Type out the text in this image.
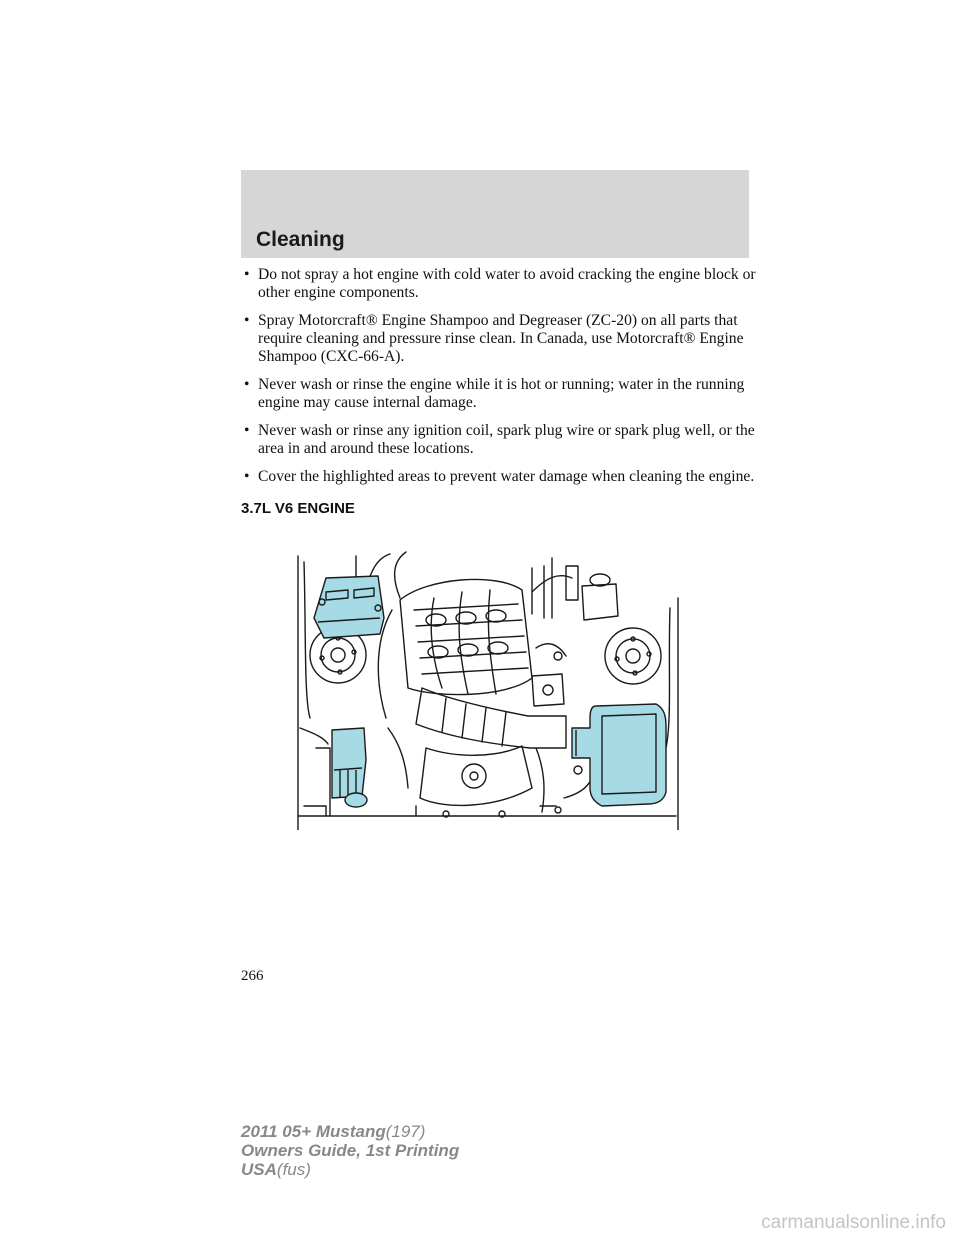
Cleaning
• Do not spray a hot engine with cold water to avoid cracking the engine block or other engine components.
• Spray Motorcraft® Engine Shampoo and Degreaser (ZC-20) on all parts that require cleaning and pressure rinse clean. In Canada, use Motorcraft® Engine Shampoo (CXC-66-A).
• Never wash or rinse the engine while it is hot or running; water in the running engine may cause internal damage.
• Never wash or rinse any ignition coil, spark plug wire or spark plug well, or the area in and around these locations.
• Cover the highlighted areas to prevent water damage when cleaning the engine.
3.7L V6 ENGINE
266
2011 05+ Mustang(197)
Owners Guide, 1st Printing
USA(fus)
carmanualsonline.info
